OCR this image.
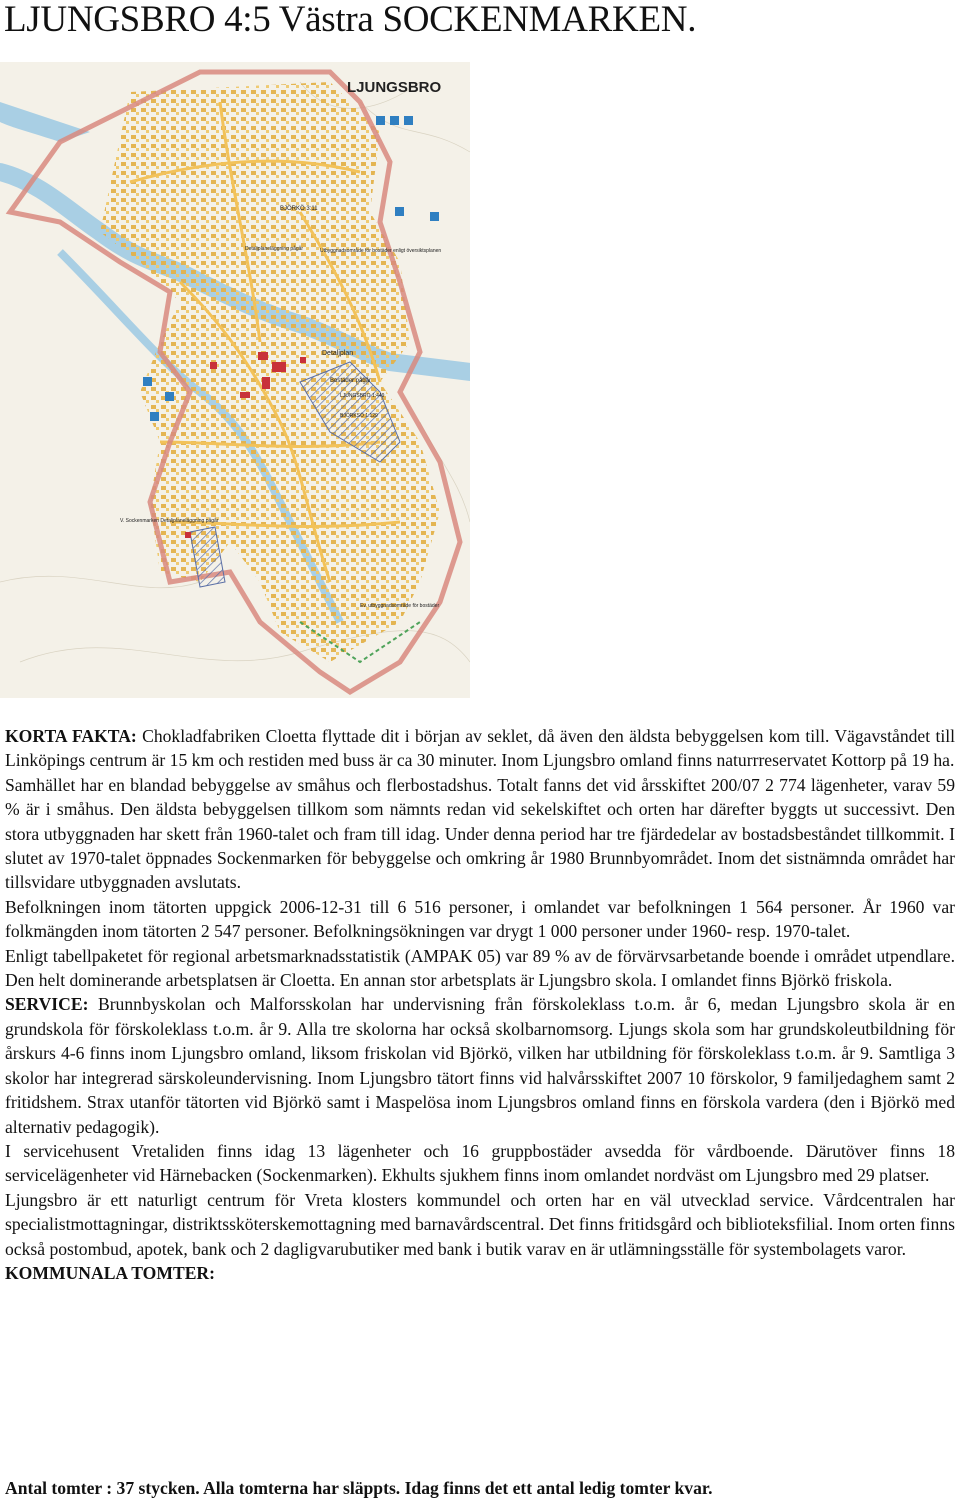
LJUNGSBRO 4:5 Västra SOCKENMARKEN.
LJUNGSBRO
BJÖRKÖ 3:11
Utbyggnadsområde för bostäder enligt översiktsplanen
Detaljplaneläggning pågår
Detaljplan
Bostäder pågår
LJUNGSBRO 1:449
BJÖRKSÖ 1:129
V. Sockenmarken Detaljplaneläggning pågår
Ev. utbyggnadsområde för bostäder

KORTA FAKTA: Chokladfabriken Cloetta flyttade dit i början av seklet, då även den äldsta bebyggelsen kom till. Vägavståndet till Linköpings centrum är 15 km och restiden med buss är ca 30 minuter. Inom Ljungsbro omland finns naturrreservatet Kottorp på 19 ha.

Samhället har en blandad bebyggelse av småhus och flerbostadshus. Totalt fanns det vid årsskiftet 200/07 2 774 lägenheter, varav 59 % är i småhus. Den äldsta bebyggelsen tillkom som nämnts redan vid sekelskiftet och orten har därefter byggts ut successivt. Den stora utbyggnaden har skett från 1960-talet och fram till idag. Under denna period har tre fjärdedelar av bostadsbeståndet tillkommit. I slutet av 1970-talet öppnades Sockenmarken för bebyggelse och omkring år 1980 Brunnbyområdet. Inom det sistnämnda området har tillsvidare utbyggnaden avslutats.

Befolkningen inom tätorten uppgick 2006-12-31 till 6 516 personer, i omlandet var befolkningen 1 564 personer. År 1960 var folkmängden inom tätorten 2 547 personer. Befolkningsökningen var drygt 1 000 personer under 1960- resp. 1970-talet.

Enligt tabellpaketet för regional arbetsmarknadsstatistik (AMPAK 05) var 89 % av de förvärvsarbetande boende i området utpendlare. Den helt dominerande arbetsplatsen är Cloetta. En annan stor arbetsplats är Ljungsbro skola. I omlandet finns Björkö friskola.

SERVICE: Brunnbyskolan och Malforsskolan har undervisning från förskoleklass t.o.m. år 6, medan Ljungsbro skola är en grundskola för förskoleklass t.o.m. år 9. Alla tre skolorna har också skolbarnomsorg. Ljungs skola som har grundskoleutbildning för årskurs 4-6 finns inom Ljungsbro omland, liksom friskolan vid Björkö, vilken har utbildning för förskoleklass t.o.m. år 9. Samtliga 3 skolor har integrerad särskoleundervisning. Inom Ljungsbro tätort finns vid halvårsskiftet 2007 10 förskolor, 9 familjedaghem samt 2 fritidshem. Strax utanför tätorten vid Björkö samt i Maspelösa inom Ljungsbros omland finns en förskola vardera (den i Björkö med alternativ pedagogik).

I servicehusent Vretaliden finns idag 13 lägenheter och 16 gruppbostäder avsedda för vårdboende. Därutöver finns 18 servicelägenheter vid Härnebacken (Sockenmarken). Ekhults sjukhem finns inom omlandet nordväst om Ljungsbro med 29 platser.

Ljungsbro är ett naturligt centrum för Vreta klosters kommundel och orten har en väl utvecklad service. Vårdcentralen har specialistmottagningar, distriktssköterskemottagning med barnavårdscentral. Det finns fritidsgård och biblioteksfilial. Inom orten finns också postombud, apotek, bank och 2 dagligvarubutiker med bank i butik varav en är utlämningsställe för systembolagets varor.

KOMMUNALA TOMTER:

Antal tomter : 37 stycken. Alla tomterna har släppts. Idag finns det ett antal ledig tomter kvar.
